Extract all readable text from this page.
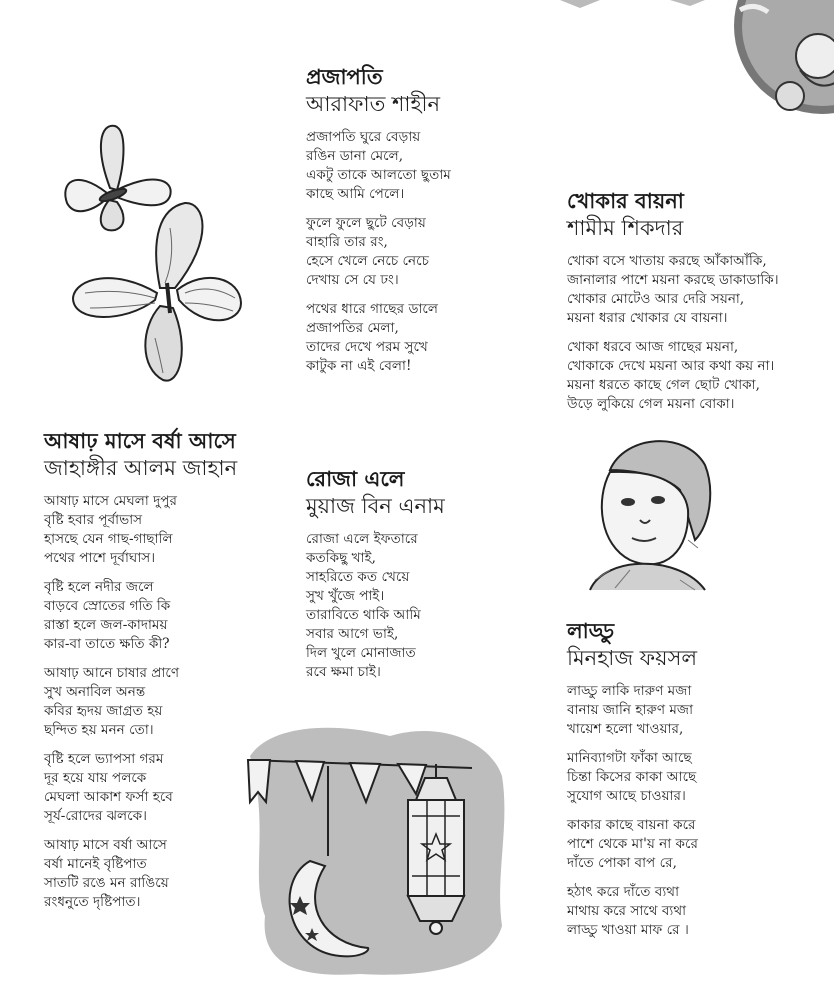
প্রজাপতি
আরাফাত শাহীন
প্রজাপতি ঘুরে বেড়ায়
রঙিন ডানা মেলে,
একটু তাকে আলতো ছুতাম
কাছে আমি পেলে।
ফুলে ফুলে ছুটে বেড়ায়
বাহারি তার রং,
হেসে খেলে নেচে নেচে
দেখায় সে যে ঢং।
পথের ধারে গাছের ডালে
প্রজাপতির মেলা,
তাদের দেখে পরম সুখে
কাটুক না এই বেলা!
খোকার বায়না
শামীম শিকদার
খোকা বসে খাতায় করছে আঁকাআঁকি,
জানালার পাশে ময়না করছে ডাকাডাকি।
খোকার মোটেও আর দেরি সয়না,
ময়না ধরার খোকার যে বায়না।
খোকা ধরবে আজ গাছের ময়না,
খোকাকে দেখে ময়না আর কথা কয় না।
ময়না ধরতে কাছে গেল ছোট খোকা,
উড়ে লুকিয়ে গেল ময়না বোকা।
আষাঢ় মাসে বর্ষা আসে
জাহাঙ্গীর আলম জাহান
আষাঢ় মাসে মেঘলা দুপুর
বৃষ্টি হবার পূর্বাভাস
হাসছে যেন গাছ-গাছালি
পথের পাশে দূর্বাঘাস।
বৃষ্টি হলে নদীর জলে
বাড়বে স্রোতের গতি কি
রাস্তা হলে জল-কাদাময়
কার-বা তাতে ক্ষতি কী?
আষাঢ় আনে চাষার প্রাণে
সুখ অনাবিল অনন্ত
কবির হৃদয় জাগ্রত হয়
ছন্দিত হয় মনন তো।
বৃষ্টি হলে ভ্যাপসা গরম
দূর হয়ে যায় পলকে
মেঘলা আকাশ ফর্সা হবে
সূর্য-রোদের ঝলকে।
আষাঢ় মাসে বর্ষা আসে
বর্ষা মানেই বৃষ্টিপাত
সাতটি রঙে মন রাঙিয়ে
রংধনুতে দৃষ্টিপাত।
রোজা এলে
মুয়াজ বিন এনাম
রোজা এলে ইফতারে
কতকিছু খাই,
সাহরিতে কত খেয়ে
সুখ খুঁজে পাই।
তারাবিতে থাকি আমি
সবার আগে ভাই,
দিল খুলে মোনাজাত
রবে ক্ষমা চাই।
লাড্ডু
মিনহাজ ফয়সল
লাড্ডু লাকি দারুণ মজা
বানায় জানি হারুণ মজা
খায়েশ হলো খাওয়ার,
মানিব্যাগটা ফাঁকা আছে
চিন্তা কিসের কাকা আছে
সুযোগ আছে চাওয়ার।
কাকার কাছে বায়না করে
পাশে থেকে মা'য় না করে
দাঁতে পোকা বাপ রে,
হঠাৎ করে দাঁতে ব্যথা
মাথায় করে সাথে ব্যথা
লাড্ডু খাওয়া মাফ রে ।
